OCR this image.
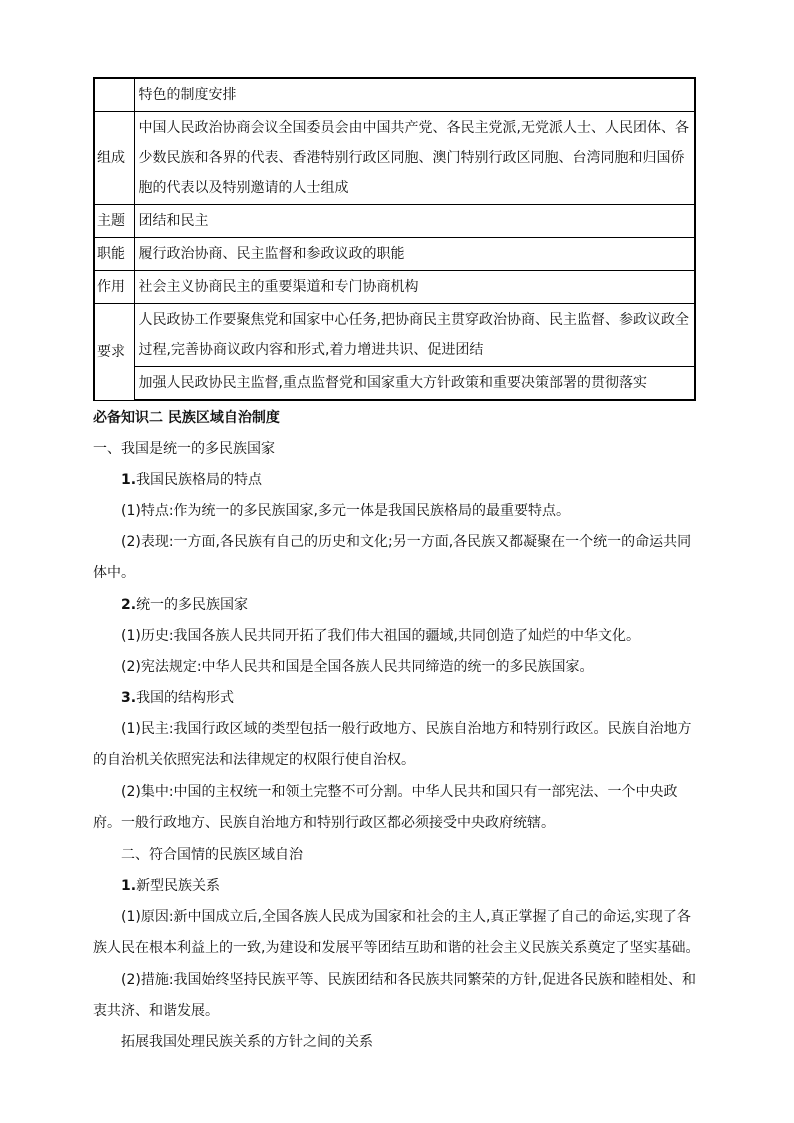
	特色的制度安排
组成	中国人民政治协商会议全国委员会由中国共产党、各民主党派,无党派人士、人民团体、各少数民族和各界的代表、香港特别行政区同胞、澳门特别行政区同胞、台湾同胞和归国侨胞的代表以及特别邀请的人士组成
主题	团结和民主
职能	履行政治协商、民主监督和参政议政的职能
作用	社会主义协商民主的重要渠道和专门协商机构
要求	人民政协工作要聚焦党和国家中心任务,把协商民主贯穿政治协商、民主监督、参政议政全过程,完善协商议政内容和形式,着力增进共识、促进团结
	加强人民政协民主监督,重点监督党和国家重大方针政策和重要决策部署的贯彻落实

必备知识二 民族区域自治制度

一、我国是统一的多民族国家

1.我国民族格局的特点

(1)特点:作为统一的多民族国家,多元一体是我国民族格局的最重要特点。

(2)表现:一方面,各民族有自己的历史和文化;另一方面,各民族又都凝聚在一个统一的命运共同体中。

2.统一的多民族国家

(1)历史:我国各族人民共同开拓了我们伟大祖国的疆域,共同创造了灿烂的中华文化。

(2)宪法规定:中华人民共和国是全国各族人民共同缔造的统一的多民族国家。

3.我国的结构形式

(1)民主:我国行政区域的类型包括一般行政地方、民族自治地方和特别行政区。民族自治地方的自治机关依照宪法和法律规定的权限行使自治权。

(2)集中:中国的主权统一和领土完整不可分割。中华人民共和国只有一部宪法、一个中央政府。一般行政地方、民族自治地方和特别行政区都必须接受中央政府统辖。

二、符合国情的民族区域自治

1.新型民族关系

(1)原因:新中国成立后,全国各族人民成为国家和社会的主人,真正掌握了自己的命运,实现了各族人民在根本利益上的一致,为建设和发展平等团结互助和谐的社会主义民族关系奠定了坚实基础。

(2)措施:我国始终坚持民族平等、民族团结和各民族共同繁荣的方针,促进各民族和睦相处、和衷共济、和谐发展。

拓展我国处理民族关系的方针之间的关系
